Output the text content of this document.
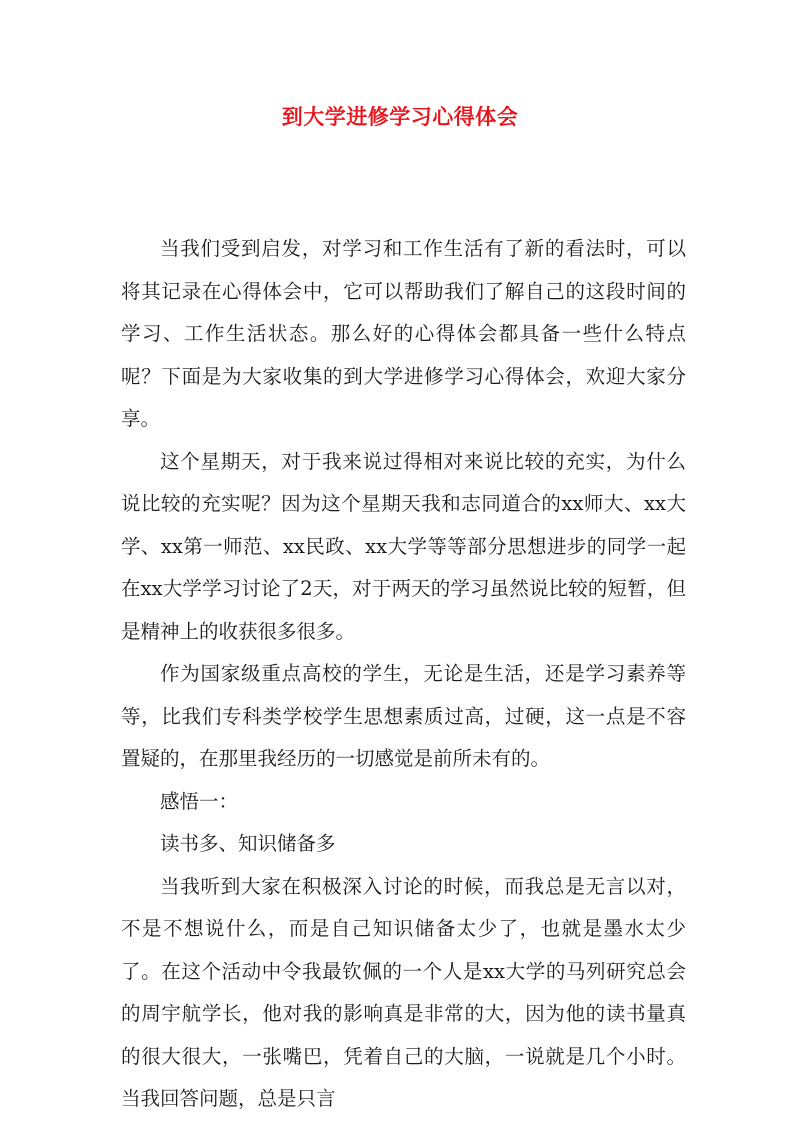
到大学进修学习心得体会

当我们受到启发，对学习和工作生活有了新的看法时，可以将其记录在心得体会中，它可以帮助我们了解自己的这段时间的学习、工作生活状态。那么好的心得体会都具备一些什么特点呢？下面是为大家收集的到大学进修学习心得体会，欢迎大家分享。

这个星期天，对于我来说过得相对来说比较的充实，为什么说比较的充实呢？因为这个星期天我和志同道合的xx师大、xx大学、xx第一师范、xx民政、xx大学等等部分思想进步的同学一起在xx大学学习讨论了2天，对于两天的学习虽然说比较的短暂，但是精神上的收获很多很多。

作为国家级重点高校的学生，无论是生活，还是学习素养等等，比我们专科类学校学生思想素质过高，过硬，这一点是不容置疑的，在那里我经历的一切感觉是前所未有的。

感悟一：

读书多、知识储备多

当我听到大家在积极深入讨论的时候，而我总是无言以对，不是不想说什么，而是自己知识储备太少了，也就是墨水太少了。在这个活动中令我最钦佩的一个人是xx大学的马列研究总会的周宇航学长，他对我的影响真是非常的大，因为他的读书量真的很大很大，一张嘴巴，凭着自己的大脑，一说就是几个小时。当我回答问题，总是只言
